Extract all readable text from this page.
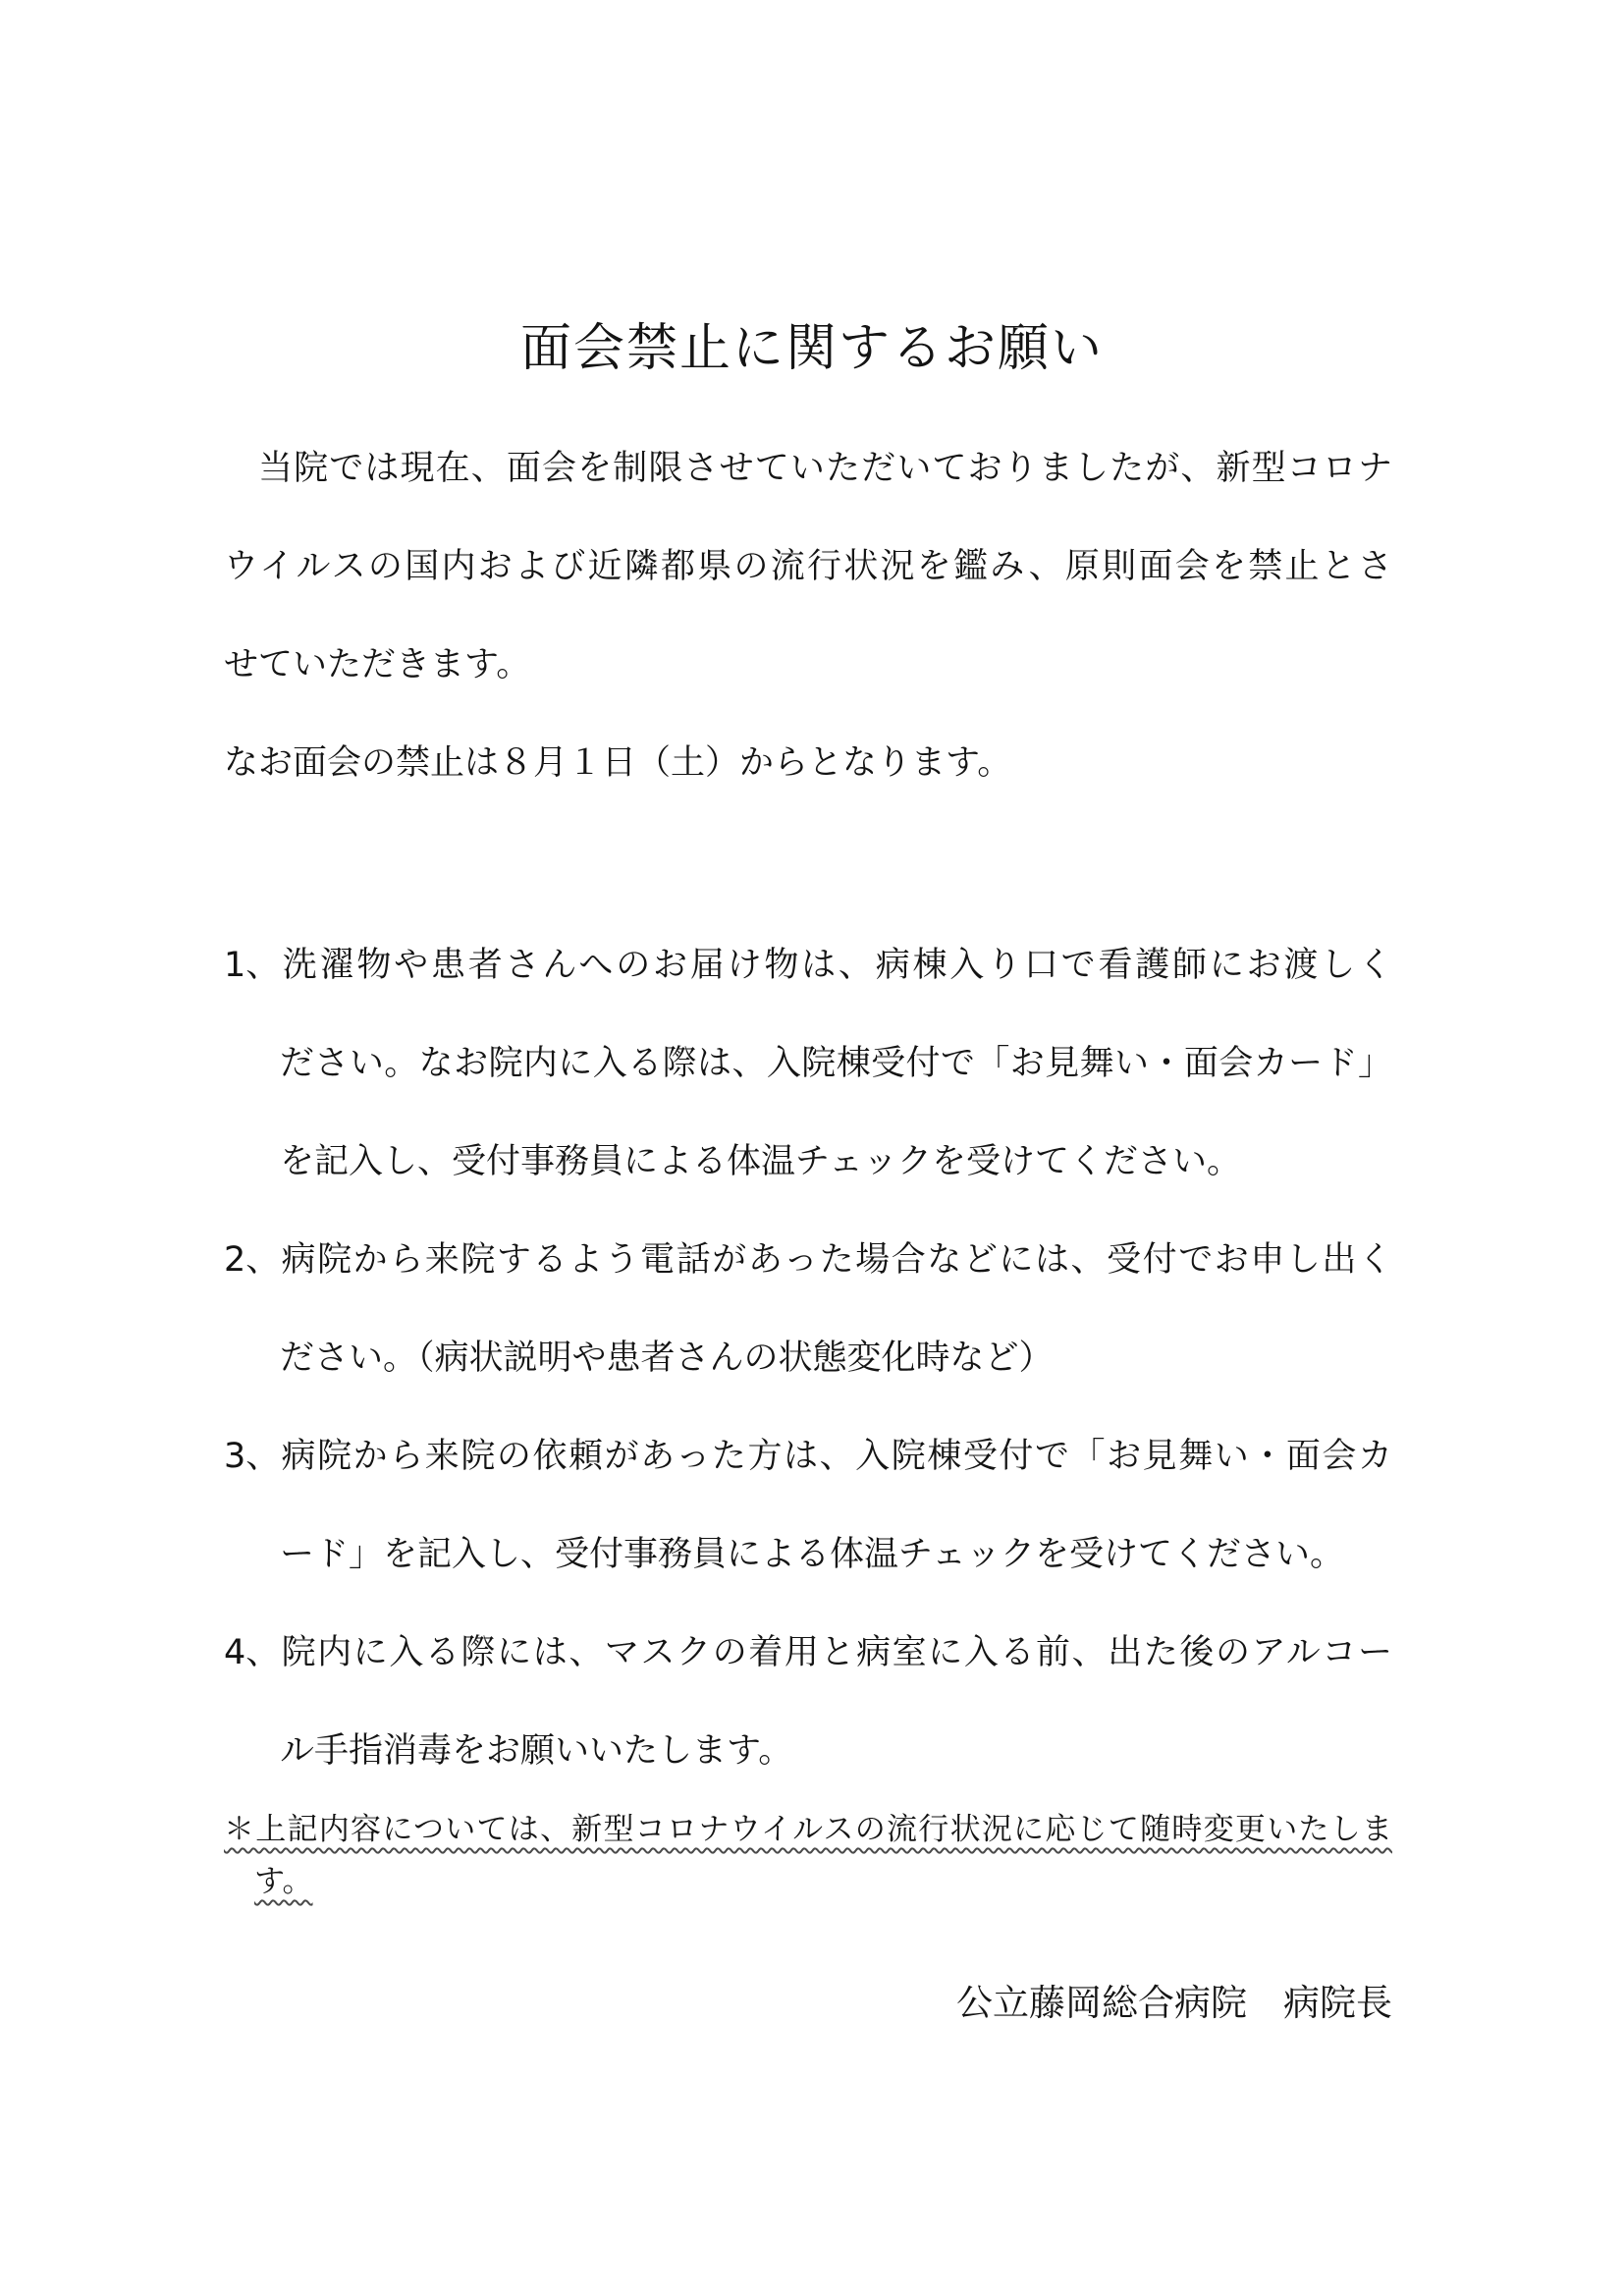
面会禁止に関するお願い
当院では現在、面会を制限させていただいておりましたが、新型コロナ
ウイルスの国内および近隣都県の流行状況を鑑み、原則面会を禁止とさ
せていただきます。
なお面会の禁止は８月１日（土）からとなります。
1、洗濯物や患者さんへのお届け物は、病棟入り口で看護師にお渡しく
ださい。なお院内に入る際は、入院棟受付で「お見舞い・面会カード」
を記入し、受付事務員による体温チェックを受けてください。
2、病院から来院するよう電話があった場合などには、受付でお申し出く
ださい。（病状説明や患者さんの状態変化時など）
3、病院から来院の依頼があった方は、入院棟受付で「お見舞い・面会カ
ード」を記入し、受付事務員による体温チェックを受けてください。
4、院内に入る際には、マスクの着用と病室に入る前、出た後のアルコー
ル手指消毒をお願いいたします。
＊上記内容については、新型コロナウイルスの流行状況に応じて随時変更いたしま
す。
公立藤岡総合病院　病院長
